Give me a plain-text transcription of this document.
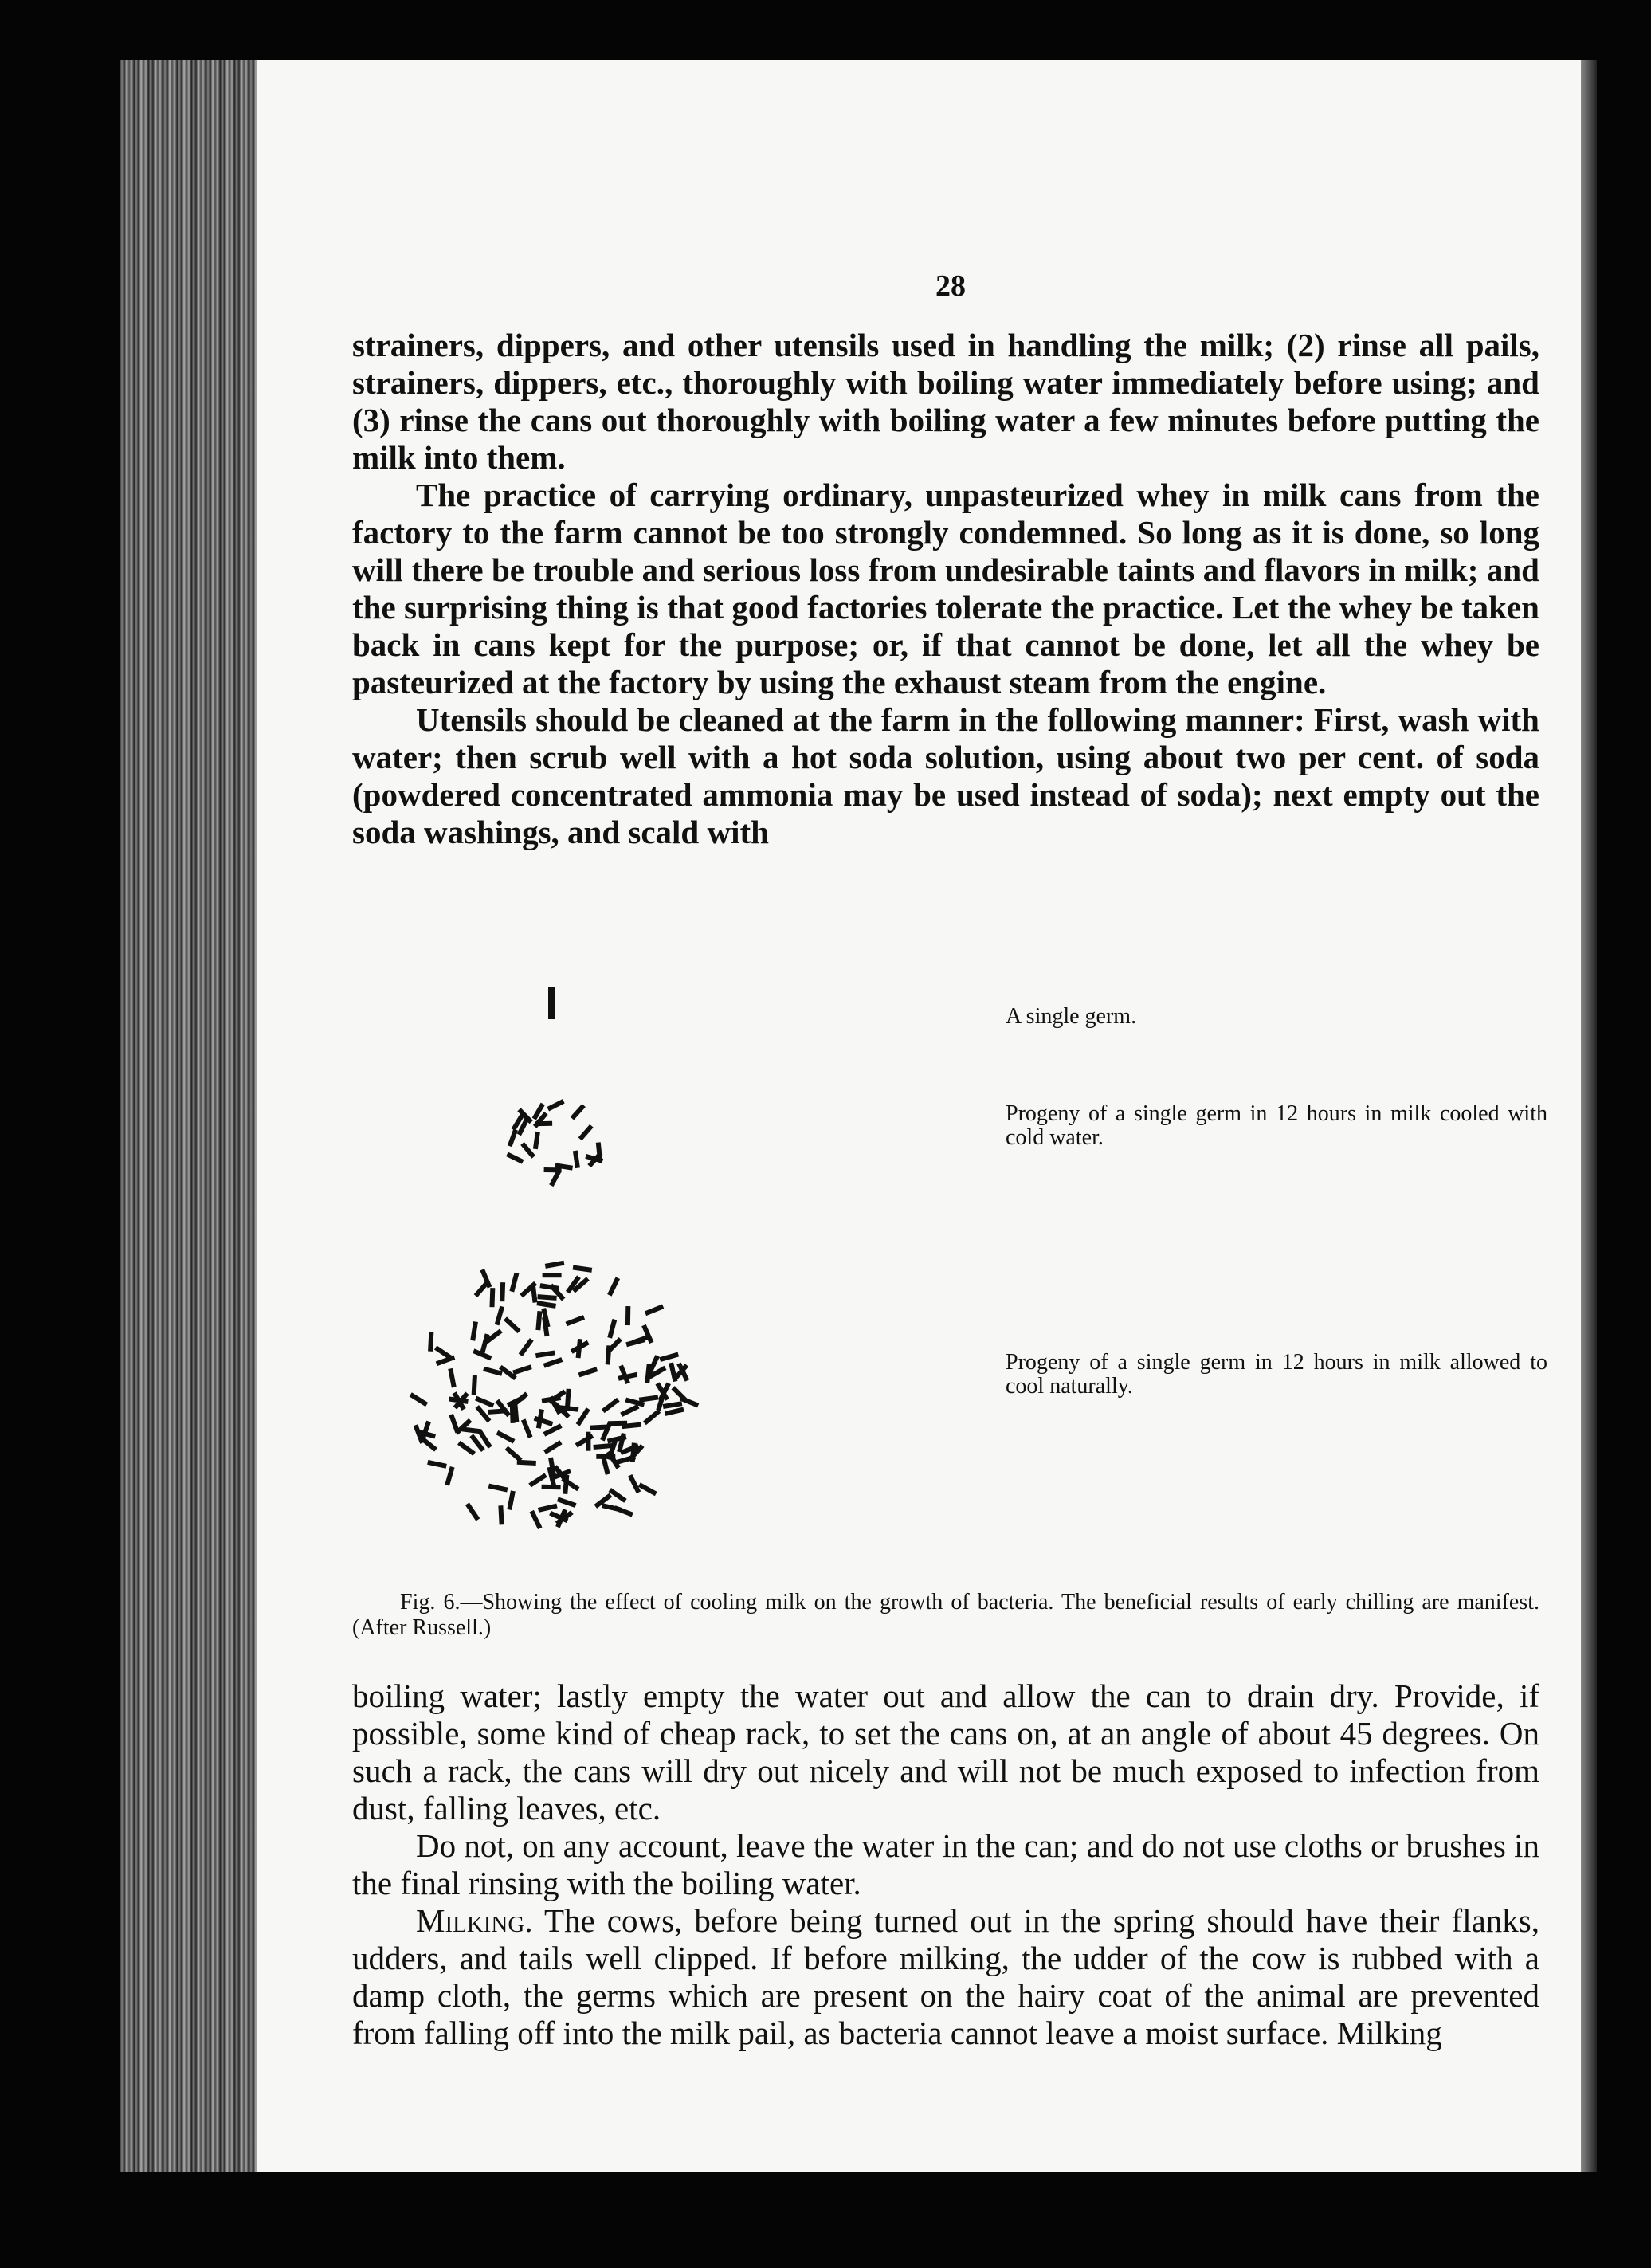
28

strainers, dippers, and other utensils used in handling the milk; (2) rinse all pails, strainers, dippers, etc., thoroughly with boiling water immediately before using; and (3) rinse the cans out thoroughly with boiling water a few minutes before putting the milk into them.

The practice of carrying ordinary, unpasteurized whey in milk cans from the factory to the farm cannot be too strongly condemned. So long as it is done, so long will there be trouble and serious loss from undesirable taints and flavors in milk; and the surprising thing is that good factories tolerate the practice. Let the whey be taken back in cans kept for the purpose; or, if that cannot be done, let all the whey be pasteurized at the factory by using the exhaust steam from the engine.

Utensils should be cleaned at the farm in the following manner: First, wash with water; then scrub well with a hot soda solution, using about two per cent. of soda (powdered concentrated ammonia may be used instead of soda); next empty out the soda washings, and scald with

A single germ.
Progeny of a single germ in 12 hours in milk cooled with cold water.
Progeny of a single germ in 12 hours in milk allowed to cool naturally.
Fig. 6.—Showing the effect of cooling milk on the growth of bacteria. The beneficial results of early chilling are manifest. (After Russell.)

boiling water; lastly empty the water out and allow the can to drain dry. Provide, if possible, some kind of cheap rack, to set the cans on, at an angle of about 45 degrees. On such a rack, the cans will dry out nicely and will not be much exposed to infection from dust, falling leaves, etc.

Do not, on any account, leave the water in the can; and do not use cloths or brushes in the final rinsing with the boiling water.

Milking. The cows, before being turned out in the spring should have their flanks, udders, and tails well clipped. If before milking, the udder of the cow is rubbed with a damp cloth, the germs which are present on the hairy coat of the animal are prevented from falling off into the milk pail, as bacteria cannot leave a moist surface. Milking
